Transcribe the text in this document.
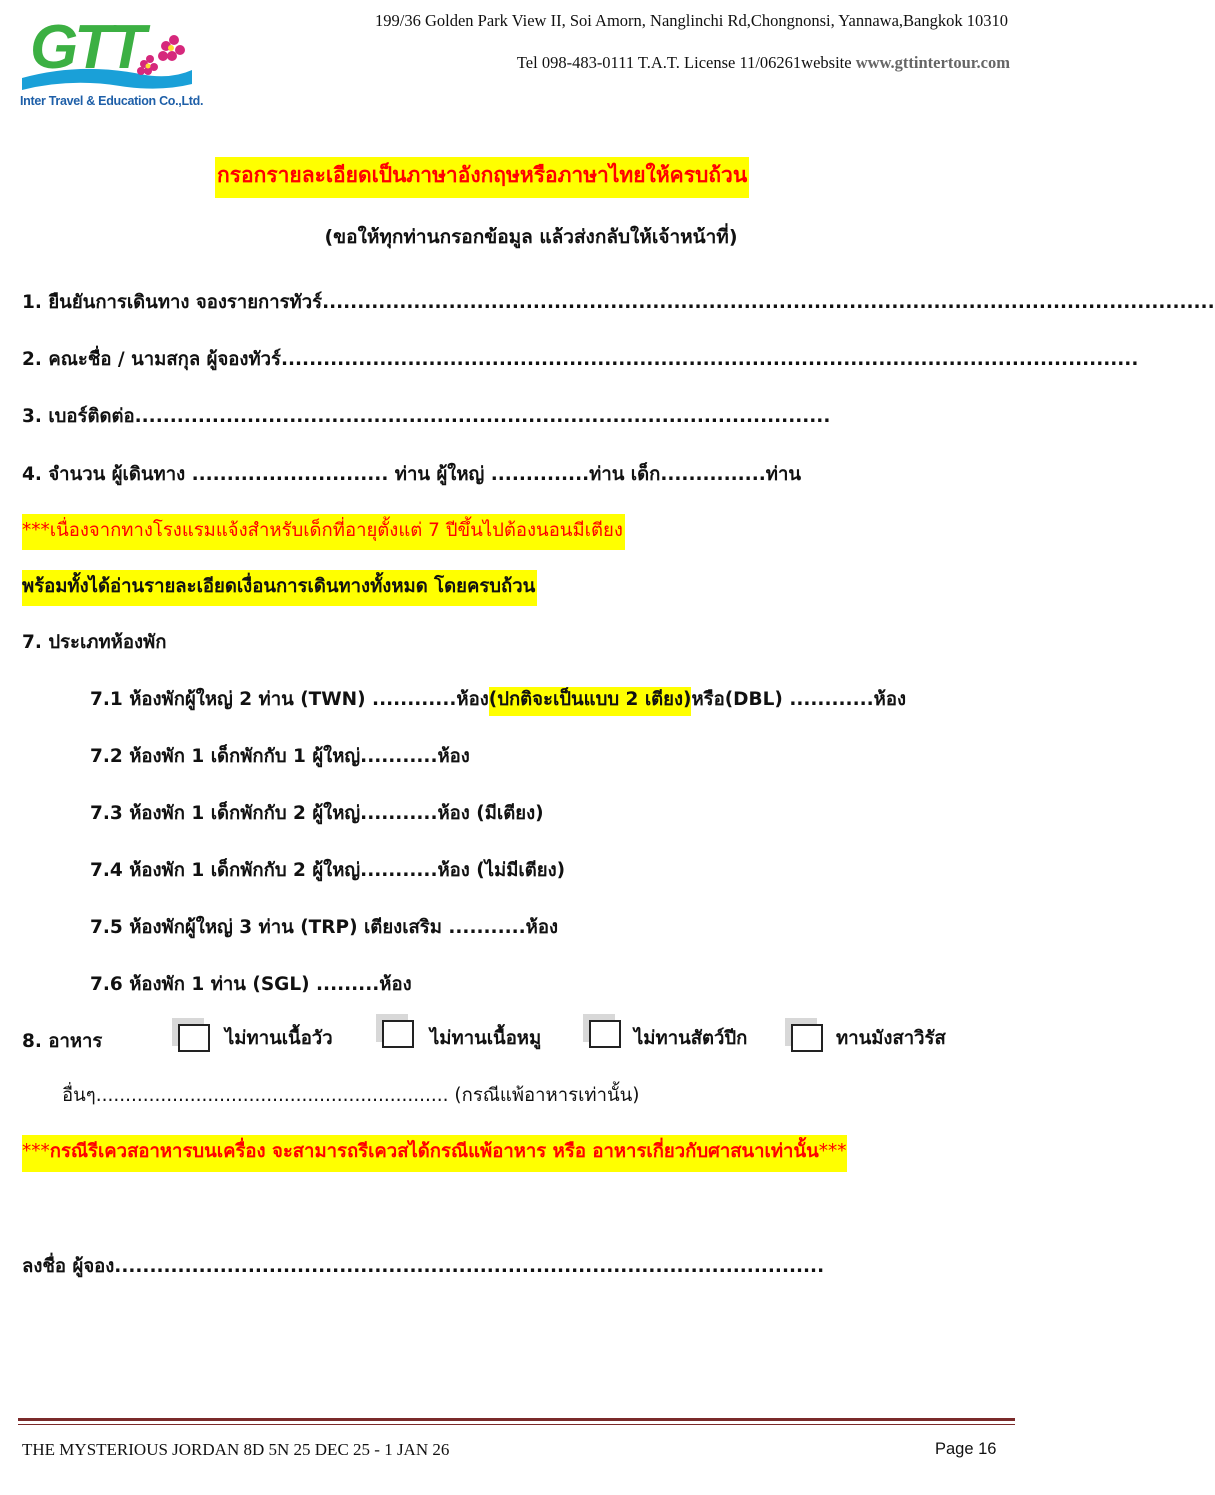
GTT
Inter Travel & Education Co.,Ltd.
199/36 Golden Park View II, Soi Amorn, Nanglinchi Rd,Chongnonsi, Yannawa,Bangkok 10310
Tel 098-483-0111 T.A.T. License 11/06261website www.gttintertour.com
กรอกรายละเอียดเป็นภาษาอังกฤษหรือภาษาไทยให้ครบถ้วน
(ขอให้ทุกท่านกรอกข้อมูล แล้วส่งกลับให้เจ้าหน้าที่)
1. ยืนยันการเดินทาง จองรายการทัวร์...............................................................................................................................
2. คณะชื่อ / นามสกุล ผู้จองทัวร์..........................................................................................................................
3. เบอร์ติดต่อ...................................................................................................
4. จำนวน ผู้เดินทาง ............................ ท่าน ผู้ใหญ่ ..............ท่าน เด็ก...............ท่าน
***เนื่องจากทางโรงแรมแจ้งสำหรับเด็กที่อายุตั้งแต่ 7 ปีขึ้นไปต้องนอนมีเตียง
พร้อมทั้งได้อ่านรายละเอียดเงื่อนการเดินทางทั้งหมด โดยครบถ้วน
7. ประเภทห้องพัก
7.1 ห้องพักผู้ใหญ่ 2 ท่าน (TWN) ............ห้อง(ปกติจะเป็นแบบ 2 เตียง)หรือ(DBL) ............ห้อง
7.2 ห้องพัก 1 เด็กพักกับ 1 ผู้ใหญ่...........ห้อง
7.3 ห้องพัก 1 เด็กพักกับ 2 ผู้ใหญ่...........ห้อง (มีเตียง)
7.4 ห้องพัก 1 เด็กพักกับ 2 ผู้ใหญ่...........ห้อง (ไม่มีเตียง)
7.5 ห้องพักผู้ใหญ่ 3 ท่าน (TRP) เตียงเสริม ...........ห้อง
7.6 ห้องพัก 1 ท่าน (SGL) .........ห้อง
8. อาหาร	ไม่ทานเนื้อวัว	ไม่ทานเนื้อหมู	ไม่ทานสัตว์ปีก	ทานมังสาวิรัส
อื่นๆ............................................................ (กรณีแพ้อาหารเท่านั้น)
***กรณีรีเควสอาหารบนเครื่อง จะสามารถรีเควสได้กรณีแพ้อาหาร หรือ อาหารเกี่ยวกับศาสนาเท่านั้น***
ลงชื่อ ผู้จอง.....................................................................................................
THE MYSTERIOUS JORDAN 8D 5N 25 DEC 25 - 1 JAN 26	Page 16
